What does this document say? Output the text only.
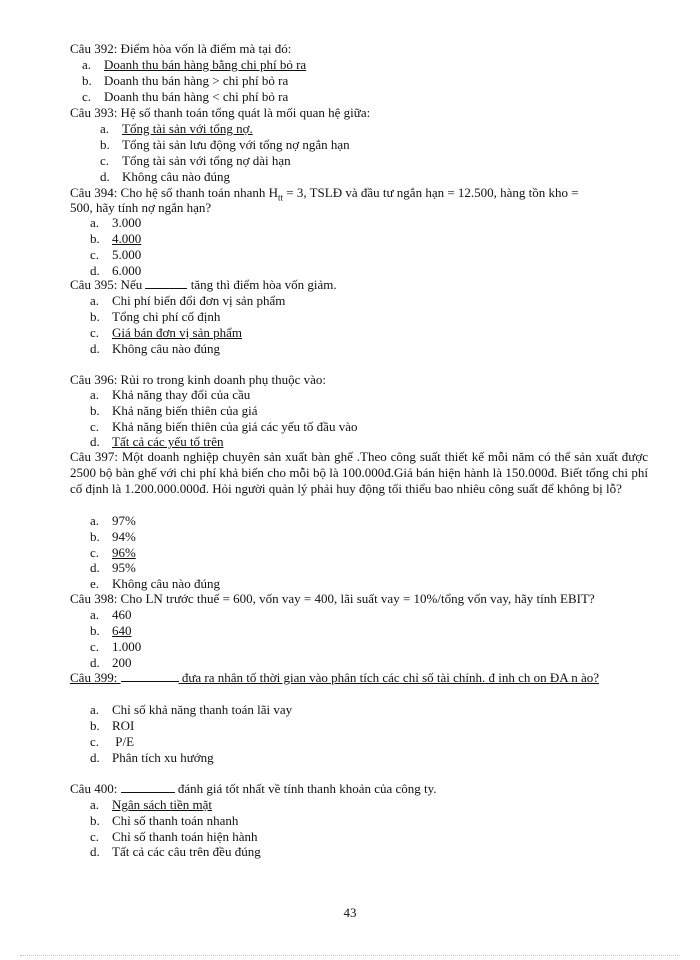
Câu 392: Điểm hòa vốn là điểm mà tại đó:
a. Doanh thu bán hàng bằng chi phí bỏ ra
b. Doanh thu bán hàng > chi phí bỏ ra
c. Doanh thu bán hàng < chi phí bỏ ra
Câu 393: Hệ số thanh toán tổng quát là mối quan hệ giữa:
a. Tổng tài sản với tổng nợ.
b. Tổng tài sản lưu động với tổng nợ ngắn hạn
c. Tổng tài sản với tổng nợ dài hạn
d. Không câu nào đúng
Câu 394: Cho hệ số thanh toán nhanh $H_{tt} = 3$, TSLĐ và đầu tư ngắn hạn = 12.500, hàng tồn kho =
500, hãy tính nợ ngắn hạn?
a. 3.000
b. 4.000
c. 5.000
d. 6.000
Câu 395: Nếu	tăng thì điểm hòa vốn giảm.
a. Chi phí biến đổi đơn vị sản phẩm
b. Tổng chi phí cố định
c. Giá bán đơn vị sản phẩm
d. Không câu nào đúng
Câu 396: Rủi ro trong kinh doanh phụ thuộc vào:
a. Khả năng thay đổi của cầu
b. Khả năng biến thiên của giá
c. Khả năng biến thiên của giá các yếu tố đầu vào
d. Tất cả các yếu tố trên
Câu 397: Một doanh nghiệp chuyên sản xuất bàn ghế .Theo công suất thiết kế mỗi năm có thể sản xuất được 2500 bộ bàn ghế với chi phí khả biến cho mỗi bộ là 100.000đ.Giá bán hiện hành là 150.000đ. Biết tổng chi phí cố định là 1.200.000.000đ. Hỏi người quản lý phải huy động tối thiểu bao nhiêu công suất để không bị lỗ?
a. 97%
b. 94%
c. 96%
d. 95%
e. Không câu nào đúng
Câu 398: Cho LN trước thuế = 600, vốn vay = 400, lãi suất vay = 10%/tổng vốn vay, hãy tính EBIT?
a. 460
b. 640
c. 1.000
d. 200
Câu 399:	đưa ra nhân tố thời gian vào phân tích các chỉ số tài chính. đ inh ch on ĐA n ào?
a. Chỉ số khả năng thanh toán lãi vay
b. ROI
c. P/E
d. Phân tích xu hướng
Câu 400:	đánh giá tốt nhất về tính thanh khoản của công ty.
a. Ngân sách tiền mặt
b. Chỉ số thanh toán nhanh
c. Chỉ số thanh toán hiện hành
d. Tất cả các câu trên đều đúng
43
